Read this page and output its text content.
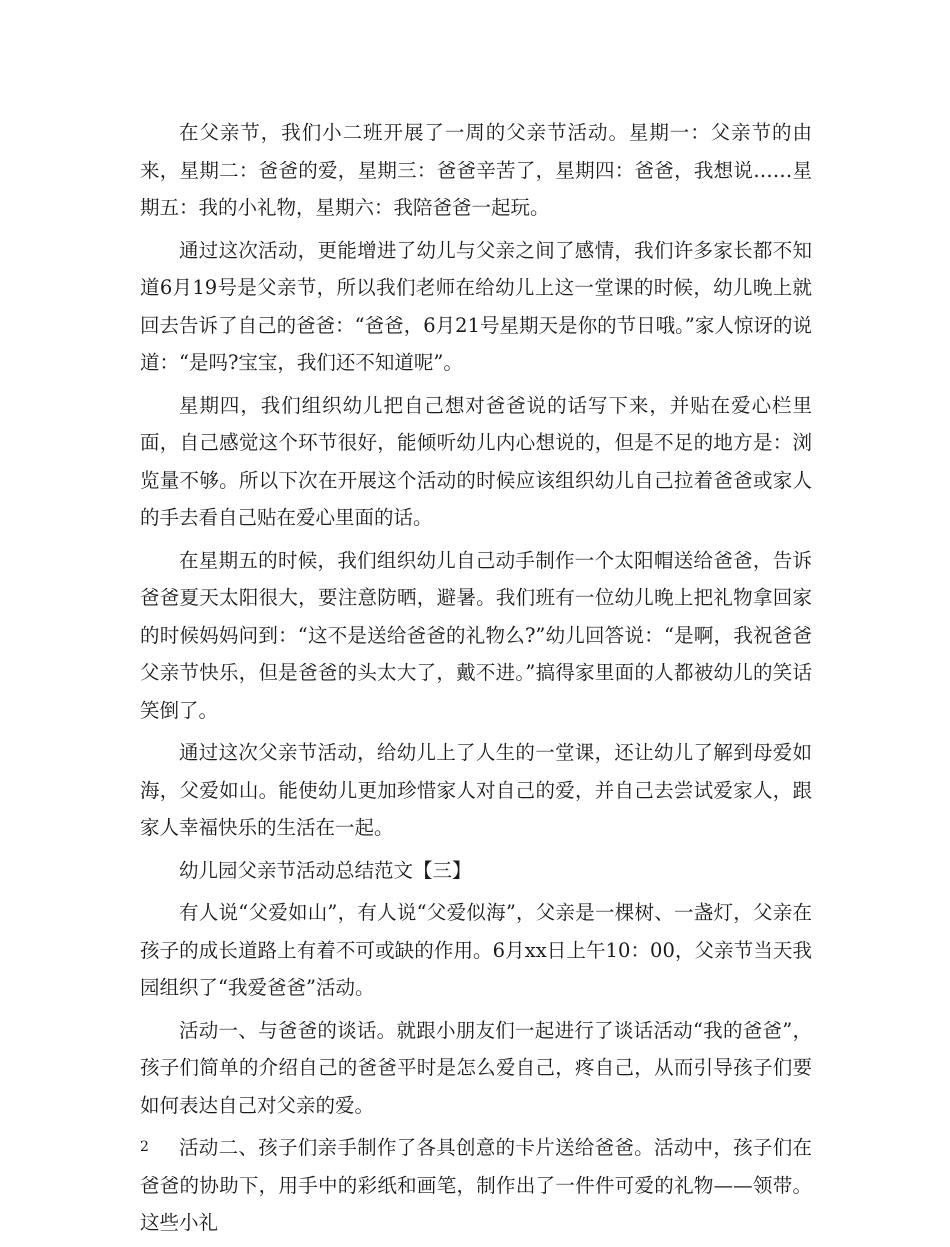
在父亲节，我们小二班开展了一周的父亲节活动。星期一：父亲节的由来，星期二：爸爸的爱，星期三：爸爸辛苦了，星期四：爸爸，我想说……星期五：我的小礼物，星期六：我陪爸爸一起玩。

通过这次活动，更能增进了幼儿与父亲之间了感情，我们许多家长都不知道6月19号是父亲节，所以我们老师在给幼儿上这一堂课的时候，幼儿晚上就回去告诉了自己的爸爸：“爸爸，6月21号星期天是你的节日哦。”家人惊讶的说道：“是吗?宝宝，我们还不知道呢”。

星期四，我们组织幼儿把自己想对爸爸说的话写下来，并贴在爱心栏里面，自己感觉这个环节很好，能倾听幼儿内心想说的，但是不足的地方是：浏览量不够。所以下次在开展这个活动的时候应该组织幼儿自己拉着爸爸或家人的手去看自己贴在爱心里面的话。

在星期五的时候，我们组织幼儿自己动手制作一个太阳帽送给爸爸，告诉爸爸夏天太阳很大，要注意防晒，避暑。我们班有一位幼儿晚上把礼物拿回家的时候妈妈问到：“这不是送给爸爸的礼物么?”幼儿回答说：“是啊，我祝爸爸父亲节快乐，但是爸爸的头太大了，戴不进。”搞得家里面的人都被幼儿的笑话笑倒了。

通过这次父亲节活动，给幼儿上了人生的一堂课，还让幼儿了解到母爱如海，父爱如山。能使幼儿更加珍惜家人对自己的爱，并自己去尝试爱家人，跟家人幸福快乐的生活在一起。

幼儿园父亲节活动总结范文【三】

有人说“父爱如山”，有人说“父爱似海”，父亲是一棵树、一盏灯，父亲在孩子的成长道路上有着不可或缺的作用。6月xx日上午10：00，父亲节当天我园组织了“我爱爸爸”活动。

活动一、与爸爸的谈话。就跟小朋友们一起进行了谈话活动“我的爸爸”，孩子们简单的介绍自己的爸爸平时是怎么爱自己，疼自己，从而引导孩子们要如何表达自己对父亲的爱。

活动二、孩子们亲手制作了各具创意的卡片送给爸爸。活动中，孩子们在爸爸的协助下，用手中的彩纸和画笔，制作出了一件件可爱的礼物——领带。这些小礼

2
